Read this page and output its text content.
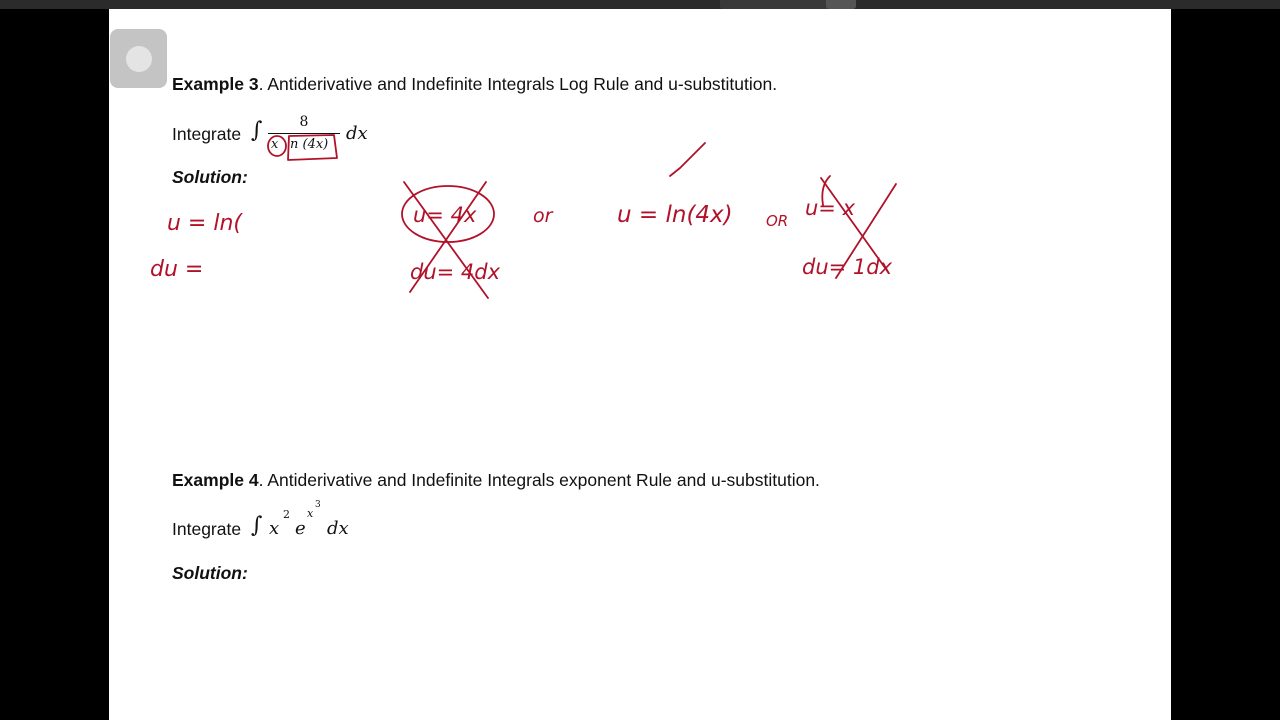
Example 3. Antiderivative and Indefinite Integrals Log Rule and u-substitution.
Integrate ∫	8
x n (4x)
dx
Solution:
Example 4. Antiderivative and Indefinite Integrals exponent Rule and u-substitution.
Integrate ∫ x
2
e
x
3
dx
Solution:
u = ln(
du =
u= 4x
du= 4dx
or	u = ln(4x) OR
u= x
du= 1dx
